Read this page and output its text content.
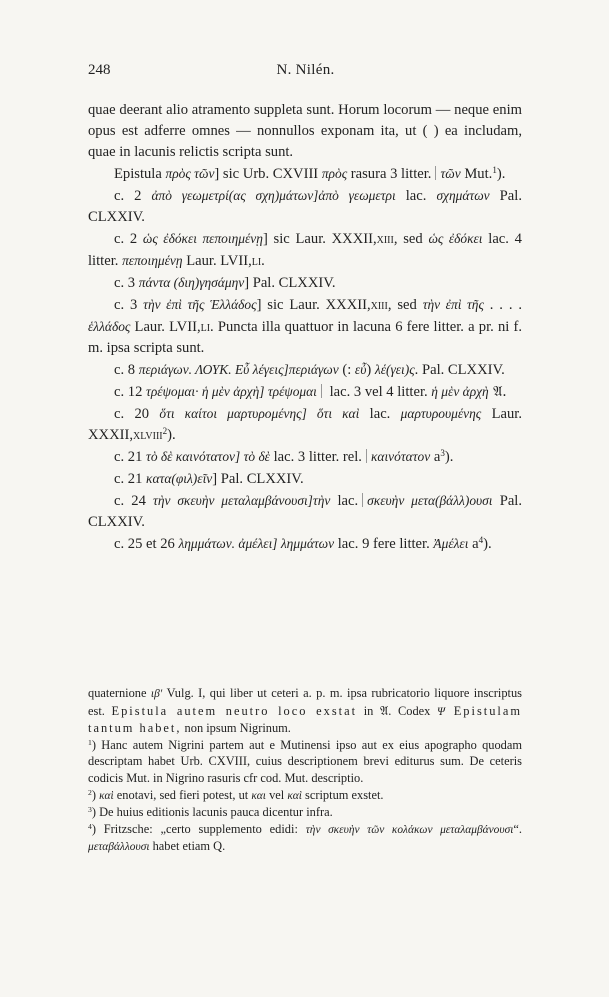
248	N. Nilén.

quae deerant alio atramento suppleta sunt. Horum locorum — neque enim opus est adferre omnes — nonnullos exponam ita, ut ( ) ea includam, quae in lacunis relictis scripta sunt.

Epistula πρὸς τῶν] sic Urb. CXVIII πρὸς rasura 3 litter. τῶν Mut.$^1$).

c. 2 ἀπὸ γεωμετρί(ας σχη)μάτων]ἀπὸ γεωμετρι lac. σχημάτων Pal. CLXXIV.

c. 2 ὡς ἐδόκει πεποιημένῃ] sic Laur. XXXII,xiii, sed ὡς ἐδόκει lac. 4 litter. πεποιημένῃ Laur. LVII,li.

c. 3 πάντα (διη)γησάμην] Pal. CLXXIV.

c. 3 τὴν ἐπὶ τῆς Ἑλλάδος] sic Laur. XXXII,xiii, sed τὴν ἐπὶ τῆς . . . . ἑλλάδος Laur. LVII,li. Puncta illa quattuor in lacuna 6 fere litter. a pr. ni f. m. ipsa scripta sunt.

c. 8 περιάγων. ΛΟΥΚ. Εὖ λέγεις]περιάγων (: εὖ) λέ(γει)ς. Pal. CLXXIV.

c. 12 τρέψομαι· ἡ μὲν ἀρχὴ] τρέψομαι lac. 3 vel 4 litter. ἡ μὲν ἀρχὴ 𝔄.

c. 20 ὅτι καίτοι μαρτυρομένης] ὅτι καὶ lac. μαρτυρουμένης Laur. XXXII,xlviii$^2$).

c. 21 τὸ δὲ καινότατον] τὸ δὲ lac. 3 litter. rel. καινότατον $a^3$).

c. 21 κατα(φιλ)εῖν] Pal. CLXXIV.

c. 24 τὴν σκευὴν μεταλαμβάνουσι]τὴν lac. σκευὴν μετα(βάλλ)ουσι Pal. CLXXIV.

c. 25 et 26 λημμάτων. ἀμέλει] λημμάτων lac. 9 fere litter. Ἀμέλει $a^4$).

quaternione ιβ' Vulg. I, qui liber ut ceteri a. p. m. ipsa rubricatorio liquore inscriptus est. Epistula autem neutro loco exstat in 𝔄. Codex Ψ Epistulam tantum habet, non ipsum Nigrinum.

$^1$) Hanc autem Nigrini partem aut e Mutinensi ipso aut ex eius apographo quodam descriptam habet Urb. CXVIII, cuius descriptionem brevi editurus sum. De ceteris codicis Mut. in Nigrino rasuris cfr cod. Mut. descriptio.

$^2$) καὶ enotavi, sed fieri potest, ut και vel καὶ scriptum exstet.

$^3$) De huius editionis lacunis pauca dicentur infra.

$^4$) Fritzsche: „certo supplemento edidi: τὴν σκευὴν τῶν κολάκων μεταλαμβάνουσι“. μεταβάλλουσι habet etiam Q.
